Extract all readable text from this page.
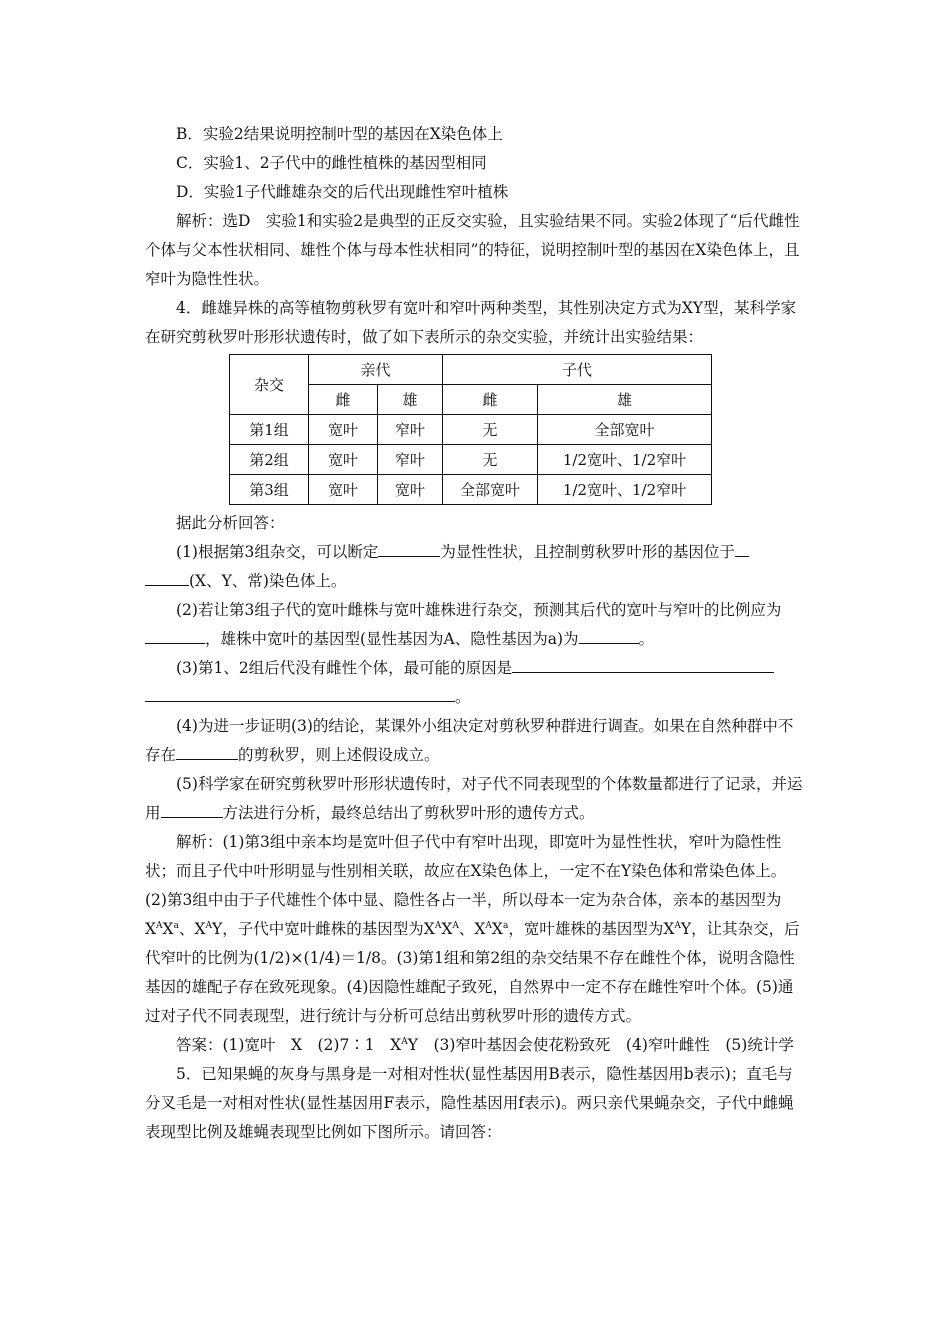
B．实验2结果说明控制叶型的基因在X染色体上

C．实验1、2子代中的雌性植株的基因型相同

D．实验1子代雌雄杂交的后代出现雌性窄叶植株

解析：选D　实验1和实验2是典型的正反交实验，且实验结果不同。实验2体现了“后代雌性个体与父本性状相同、雄性个体与母本性状相同”的特征，说明控制叶型的基因在X染色体上，且窄叶为隐性性状。

4．雌雄异株的高等植物剪秋罗有宽叶和窄叶两种类型，其性别决定方式为XY型，某科学家在研究剪秋罗叶形形状遗传时，做了如下表所示的杂交实验，并统计出实验结果：

杂交	亲代		子代	
	雌	雄	雌	雄
第1组	宽叶	窄叶	无	全部宽叶
第2组	宽叶	窄叶	无	1/2宽叶、1/2窄叶
第3组	宽叶	宽叶	全部宽叶	1/2宽叶、1/2窄叶

据此分析回答：

(1)根据第3组杂交，可以断定	为显性性状，且控制剪秋罗叶形的基因位于
(X、Y、常)染色体上。

(2)若让第3组子代的宽叶雌株与宽叶雄株进行杂交，预测其后代的宽叶与窄叶的比例应为，雄株中宽叶的基因型(显性基因为A、隐性基因为a)为	。

(3)第1、2组后代没有雌性个体，最可能的原因是
。

(4)为进一步证明(3)的结论，某课外小组决定对剪秋罗种群进行调查。如果在自然种群中不存在	的剪秋罗，则上述假设成立。

(5)科学家在研究剪秋罗叶形形状遗传时，对子代不同表现型的个体数量都进行了记录，并运用	方法进行分析，最终总结出了剪秋罗叶形的遗传方式。

解析：(1)第3组中亲本均是宽叶但子代中有窄叶出现，即宽叶为显性性状，窄叶为隐性性状；而且子代中叶形明显与性别相关联，故应在X染色体上，一定不在Y染色体和常染色体上。(2)第3组中由于子代雄性个体中显、隐性各占一半，所以母本一定为杂合体，亲本的基因型为$X^AX^a$、$X^AY$，子代中宽叶雌株的基因型为$X^AX^A$、$X^AX^a$，宽叶雄株的基因型为$X^AY$，让其杂交，后代窄叶的比例为(1/2)×(1/4)＝1/8。(3)第1组和第2组的杂交结果不存在雌性个体，说明含隐性基因的雄配子存在致死现象。(4)因隐性雄配子致死，自然界中一定不存在雌性窄叶个体。(5)通过对子代不同表现型，进行统计与分析可总结出剪秋罗叶形的遗传方式。

答案：(1)宽叶　X　(2)7∶1　$X^AY$　(3)窄叶基因会使花粉致死　(4)窄叶雌性　(5)统计学

5．已知果蝇的灰身与黑身是一对相对性状(显性基因用B表示，隐性基因用b表示)；直毛与分叉毛是一对相对性状(显性基因用F表示，隐性基因用f表示)。两只亲代果蝇杂交，子代中雌蝇表现型比例及雄蝇表现型比例如下图所示。请回答：
